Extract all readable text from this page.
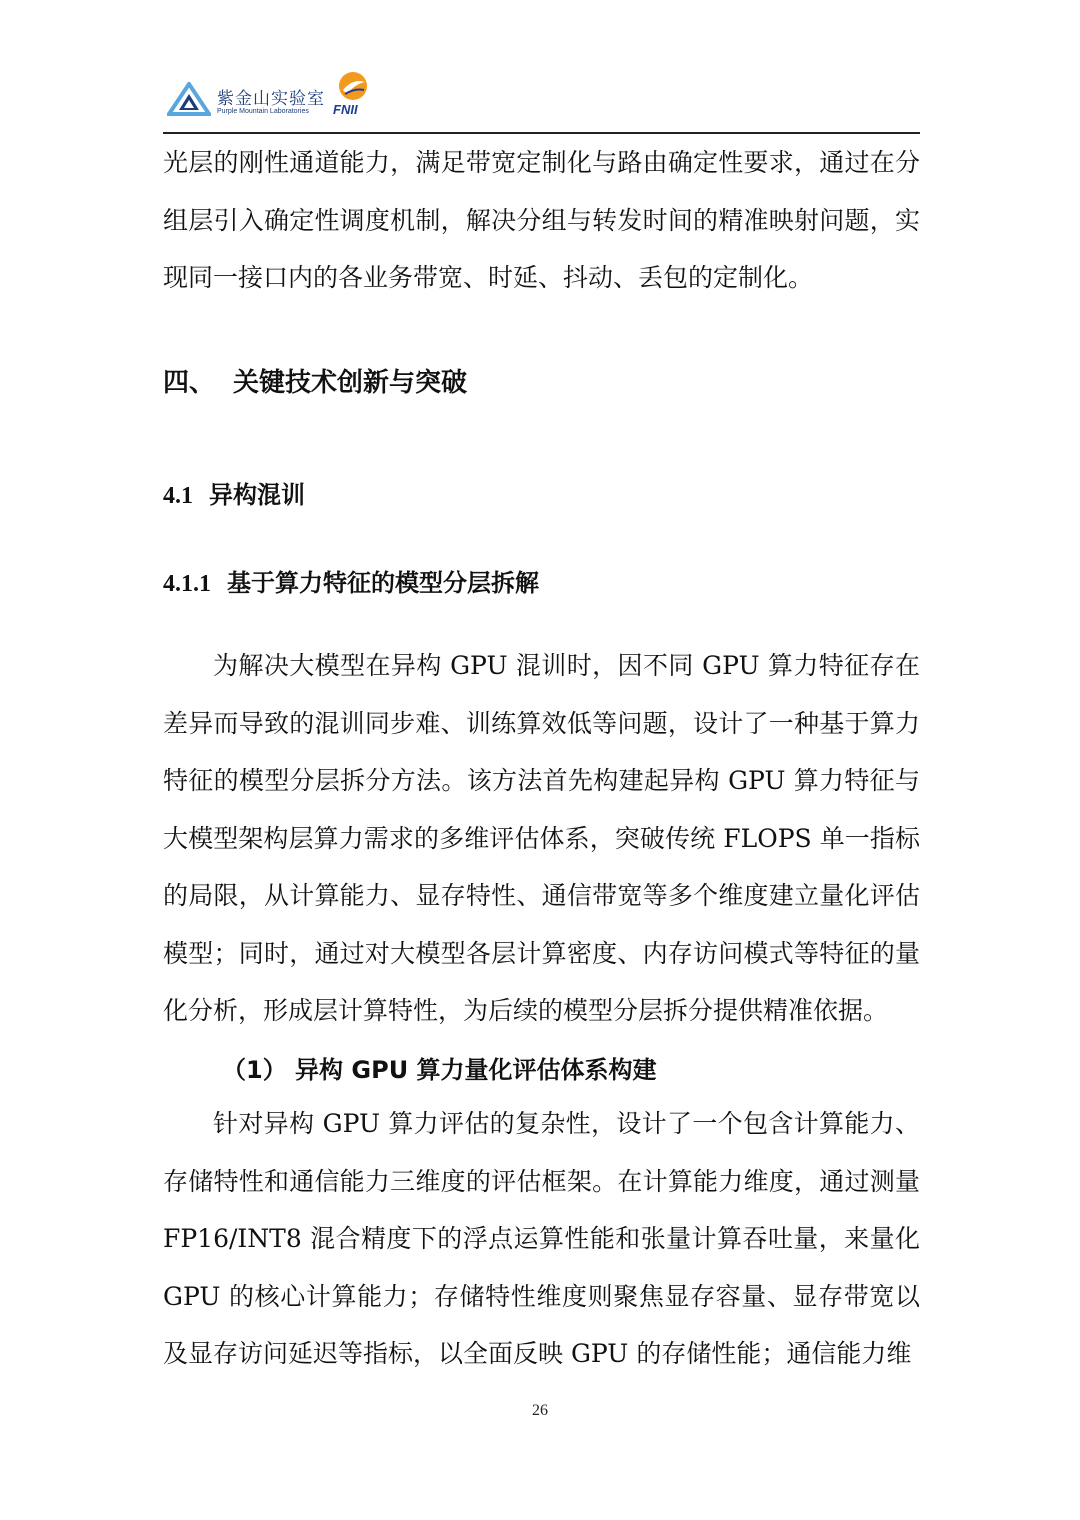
紫金山实验室
Purple Mountain Laboratories FNII

光层的刚性通道能力，满足带宽定制化与路由确定性要求，通过在分组层引入确定性调度机制，解决分组与转发时间的精准映射问题，实现同一接口内的各业务带宽、时延、抖动、丢包的定制化。

四、 关键技术创新与突破
4.1 异构混训
4.1.1 基于算力特征的模型分层拆解

为解决大模型在异构 GPU 混训时，因不同 GPU 算力特征存在差异而导致的混训同步难、训练算效低等问题，设计了一种基于算力特征的模型分层拆分方法。该方法首先构建起异构 GPU 算力特征与大模型架构层算力需求的多维评估体系，突破传统 FLOPS 单一指标的局限，从计算能力、显存特性、通信带宽等多个维度建立量化评估模型；同时，通过对大模型各层计算密度、内存访问模式等特征的量化分析，形成层计算特性，为后续的模型分层拆分提供精准依据。

（1） 异构 GPU 算力量化评估体系构建

针对异构 GPU 算力评估的复杂性，设计了一个包含计算能力、存储特性和通信能力三维度的评估框架。在计算能力维度，通过测量 FP16/INT8 混合精度下的浮点运算性能和张量计算吞吐量，来量化 GPU 的核心计算能力；存储特性维度则聚焦显存容量、显存带宽以及显存访问延迟等指标，以全面反映 GPU 的存储性能；通信能力维

26
